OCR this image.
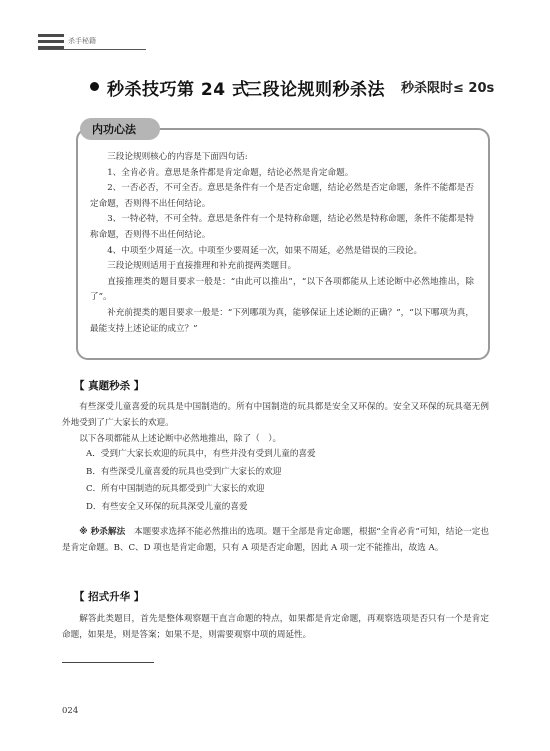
杀手秘籍
秒杀技巧第 24 式
三段论规则秒杀法 秒杀限时≤ 20s
内功心法

三段论规则核心的内容是下面四句话:

1、全肯必肯。意思是条件都是肯定命题，结论必然是肯定命题。

2、一否必否，不可全否。意思是条件有一个是否定命题，结论必然是否定命题，条件不能都是否定命题，否则得不出任何结论。

3、一特必特，不可全特。意思是条件有一个是特称命题，结论必然是特称命题，条件不能都是特称命题，否则得不出任何结论。

4、中项至少周延一次。中项至少要周延一次，如果不周延，必然是错误的三段论。

三段论规则适用于直接推理和补充前提两类题目。

直接推理类的题目要求一般是：“由此可以推出”，“以下各项都能从上述论断中必然地推出，除了”。

补充前提类的题目要求一般是：“下列哪项为真，能够保证上述论断的正确？”，“以下哪项为真，最能支持上述论证的成立？”

【 真题秒杀 】

有些深受儿童喜爱的玩具是中国制造的。所有中国制造的玩具都是安全又环保的。安全又环保的玩具毫无例外地受到了广大家长的欢迎。

以下各项都能从上述论断中必然地推出，除了（　）。

A．受到广大家长欢迎的玩具中，有些并没有受到儿童的喜爱

B．有些深受儿童喜爱的玩具也受到广大家长的欢迎

C．所有中国制造的玩具都受到广大家长的欢迎

D．有些安全又环保的玩具深受儿童的喜爱

※ 秒杀解法　 本题要求选择不能必然推出的选项。题干全部是肯定命题，根据“全肯必肯”可知，结论一定也是肯定命题。B、C、D 项也是肯定命题，只有 A 项是否定命题，因此 A 项一定不能推出，故选 A。

【 招式升华 】

解答此类题目，首先是整体观察题干直言命题的特点，如果都是肯定命题，再观察选项是否只有一个是肯定命题，如果是，则是答案；如果不是，则需要观察中项的周延性。

024
